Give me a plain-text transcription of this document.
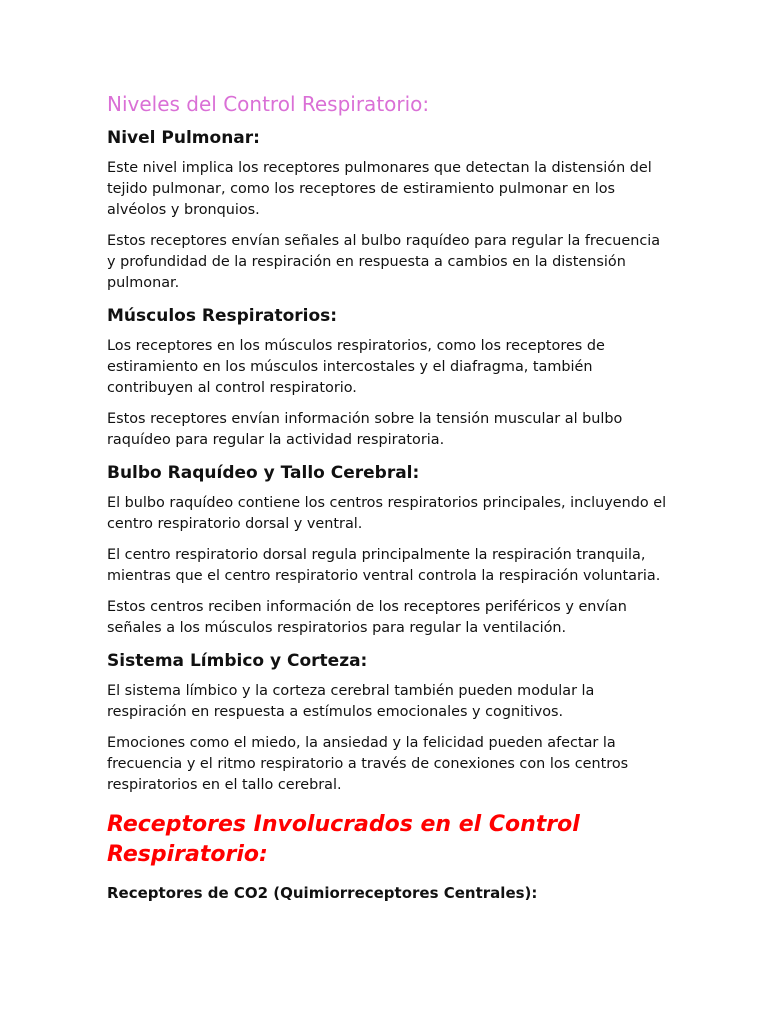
Niveles del Control Respiratorio:
Nivel Pulmonar:

Este nivel implica los receptores pulmonares que detectan la distensión del tejido pulmonar, como los receptores de estiramiento pulmonar en los alvéolos y bronquios.

Estos receptores envían señales al bulbo raquídeo para regular la frecuencia y profundidad de la respiración en respuesta a cambios en la distensión pulmonar.

Músculos Respiratorios:

Los receptores en los músculos respiratorios, como los receptores de estiramiento en los músculos intercostales y el diafragma, también contribuyen al control respiratorio.

Estos receptores envían información sobre la tensión muscular al bulbo raquídeo para regular la actividad respiratoria.

Bulbo Raquídeo y Tallo Cerebral:

El bulbo raquídeo contiene los centros respiratorios principales, incluyendo el centro respiratorio dorsal y ventral.

El centro respiratorio dorsal regula principalmente la respiración tranquila, mientras que el centro respiratorio ventral controla la respiración voluntaria.

Estos centros reciben información de los receptores periféricos y envían señales a los músculos respiratorios para regular la ventilación.

Sistema Límbico y Corteza:

El sistema límbico y la corteza cerebral también pueden modular la respiración en respuesta a estímulos emocionales y cognitivos.

Emociones como el miedo, la ansiedad y la felicidad pueden afectar la frecuencia y el ritmo respiratorio a través de conexiones con los centros respiratorios en el tallo cerebral.

Receptores Involucrados en el Control Respiratorio:
Receptores de CO2 (Quimiorreceptores Centrales):
